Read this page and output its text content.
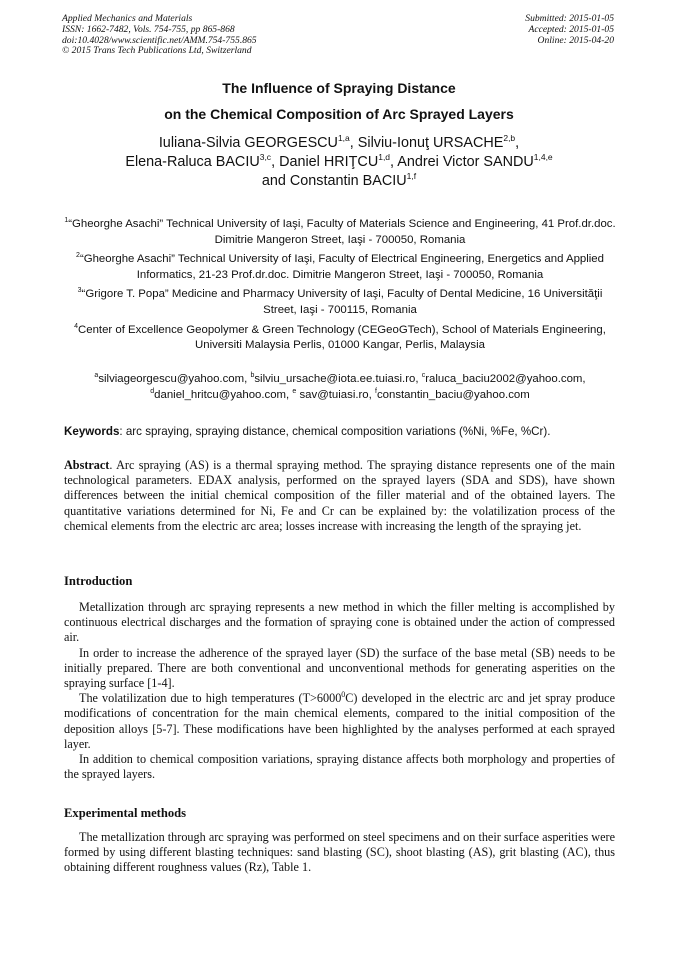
Applied Mechanics and Materials
ISSN: 1662-7482, Vols. 754-755, pp 865-868
doi:10.4028/www.scientific.net/AMM.754-755.865
© 2015 Trans Tech Publications Ltd, Switzerland
Submitted: 2015-01-05
Accepted: 2015-01-05
Online: 2015-04-20
The Influence of Spraying Distance
on the Chemical Composition of Arc Sprayed Layers
Iuliana-Silvia GEORGESCU$^{1,a}$, Silviu-Ionuţ URSACHE$^{2,b}$,
Elena-Raluca BACIU$^{3,c}$, Daniel HRIŢCU$^{1,d}$, Andrei Victor SANDU$^{1,4,e}$
and Constantin BACIU$^{1,f}$
$^1$“Gheorghe Asachi” Technical University of Iaşi, Faculty of Materials Science and Engineering, 41 Prof.dr.doc. Dimitrie Mangeron Street, Iaşi - 700050, Romania
$^2$“Gheorghe Asachi” Technical University of Iaşi, Faculty of Electrical Engineering, Energetics and Applied Informatics, 21-23 Prof.dr.doc. Dimitrie Mangeron Street, Iaşi - 700050, Romania
$^3$“Grigore T. Popa” Medicine and Pharmacy University of Iaşi, Faculty of Dental Medicine, 16 Universităţii Street, Iaşi - 700115, Romania
$^4$Center of Excellence Geopolymer & Green Technology (CEGeoGTech), School of Materials Engineering, Universiti Malaysia Perlis, 01000 Kangar, Perlis, Malaysia
$^a$silviageorgescu@yahoo.com, $^b$silviu_ursache@iota.ee.tuiasi.ro, $^c$raluca_baciu2002@yahoo.com,
$^d$daniel_hritcu@yahoo.com, $^e$ sav@tuiasi.ro, $^f$constantin_baciu@yahoo.com
Keywords: arc spraying, spraying distance, chemical composition variations (%Ni, %Fe, %Cr).
Abstract. Arc spraying (AS) is a thermal spraying method. The spraying distance represents one of the main technological parameters. EDAX analysis, performed on the sprayed layers (SDA and SDS), have shown differences between the initial chemical composition of the filler material and of the obtained layers. The quantitative variations determined for Ni, Fe and Cr can be explained by: the volatilization process of the chemical elements from the electric arc area; losses increase with increasing the length of the spraying jet.
Introduction

Metallization through arc spraying represents a new method in which the filler melting is accomplished by continuous electrical discharges and the formation of spraying cone is obtained under the action of compressed air.

In order to increase the adherence of the sprayed layer (SD) the surface of the base metal (SB) needs to be initially prepared. There are both conventional and unconventional methods for generating asperities on the spraying surface [1-4].

The volatilization due to high temperatures $(T>6000^0C)$ developed in the electric arc and jet spray produce modifications of concentration for the main chemical elements, compared to the initial composition of the deposition alloys [5-7]. These modifications have been highlighted by the analyses performed at each sprayed layer.

In addition to chemical composition variations, spraying distance affects both morphology and properties of the sprayed layers.

Experimental methods

The metallization through arc spraying was performed on steel specimens and on their surface asperities were formed by using different blasting techniques: sand blasting (SC), shoot blasting (AS), grit blasting (AC), thus obtaining different roughness values (Rz), Table 1.
